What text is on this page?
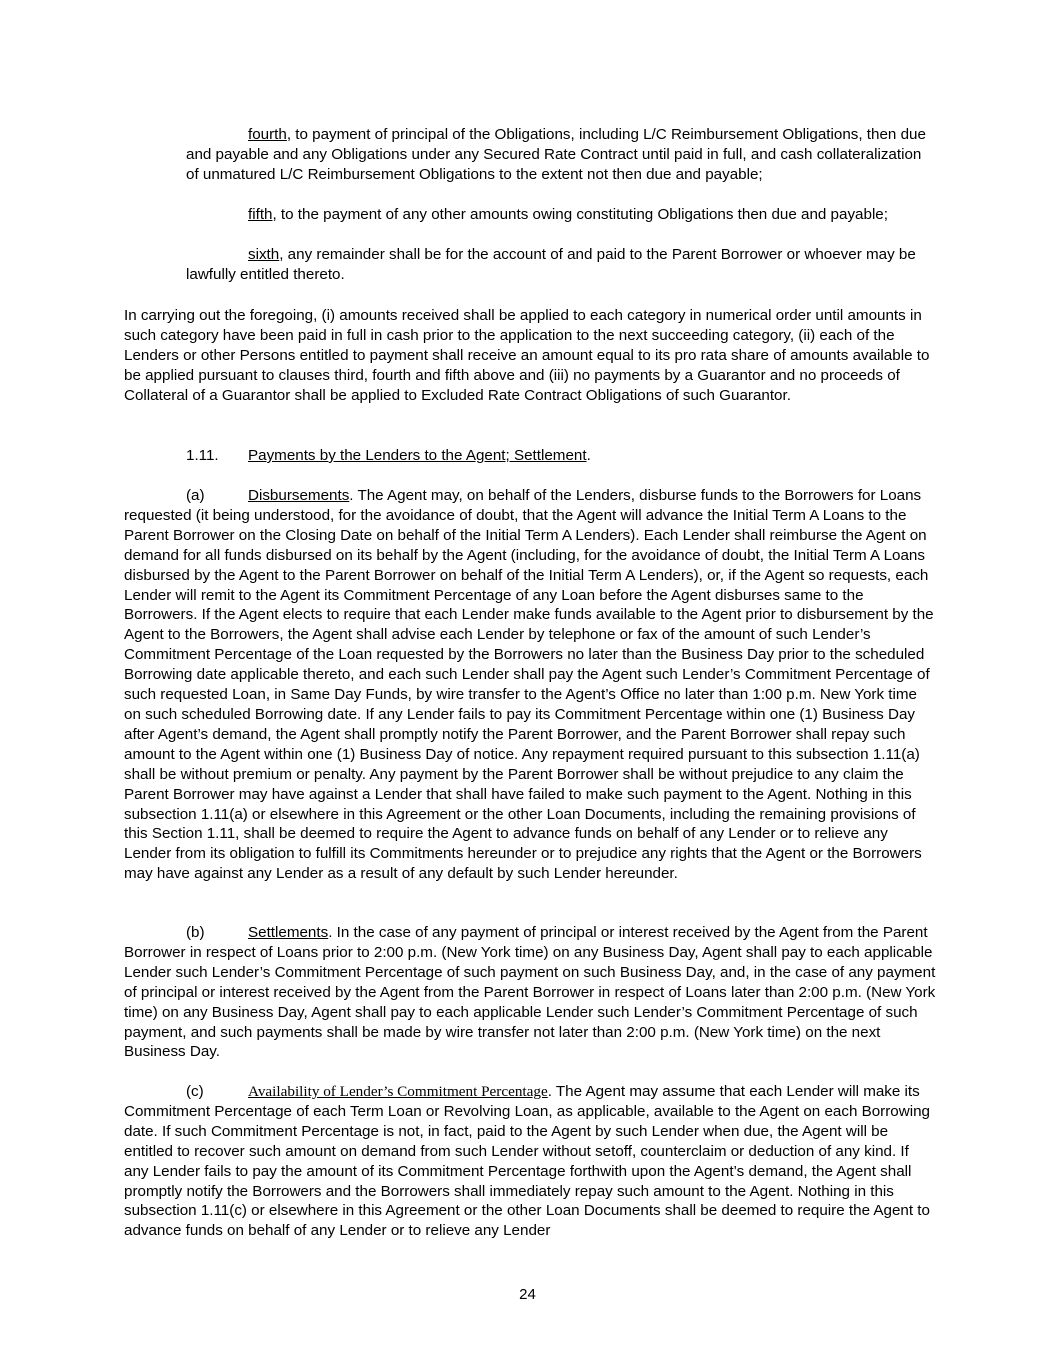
fourth, to payment of principal of the Obligations, including L/C Reimbursement Obligations, then due and payable and any Obligations under any Secured Rate Contract until paid in full, and cash collateralization of unmatured L/C Reimbursement Obligations to the extent not then due and payable;

fifth, to the payment of any other amounts owing constituting Obligations then due and payable;

sixth, any remainder shall be for the account of and paid to the Parent Borrower or whoever may be lawfully entitled thereto.

In carrying out the foregoing, (i) amounts received shall be applied to each category in numerical order until amounts in such category have been paid in full in cash prior to the application to the next succeeding category, (ii) each of the Lenders or other Persons entitled to payment shall receive an amount equal to its pro rata share of amounts available to be applied pursuant to clauses third, fourth and fifth above and (iii) no payments by a Guarantor and no proceeds of Collateral of a Guarantor shall be applied to Excluded Rate Contract Obligations of such Guarantor.

1.11. Payments by the Lenders to the Agent; Settlement.

(a)	Disbursements. The Agent may, on behalf of the Lenders, disburse funds to the Borrowers for Loans requested (it being understood, for the avoidance of doubt, that the Agent will advance the Initial Term A Loans to the Parent Borrower on the Closing Date on behalf of the Initial Term A Lenders). Each Lender shall reimburse the Agent on demand for all funds disbursed on its behalf by the Agent (including, for the avoidance of doubt, the Initial Term A Loans disbursed by the Agent to the Parent Borrower on behalf of the Initial Term A Lenders), or, if the Agent so requests, each Lender will remit to the Agent its Commitment Percentage of any Loan before the Agent disburses same to the Borrowers. If the Agent elects to require that each Lender make funds available to the Agent prior to disbursement by the Agent to the Borrowers, the Agent shall advise each Lender by telephone or fax of the amount of such Lender’s Commitment Percentage of the Loan requested by the Borrowers no later than the Business Day prior to the scheduled Borrowing date applicable thereto, and each such Lender shall pay the Agent such Lender’s Commitment Percentage of such requested Loan, in Same Day Funds, by wire transfer to the Agent’s Office no later than 1:00 p.m. New York time on such scheduled Borrowing date. If any Lender fails to pay its Commitment Percentage within one (1) Business Day after Agent’s demand, the Agent shall promptly notify the Parent Borrower, and the Parent Borrower shall repay such amount to the Agent within one (1) Business Day of notice. Any repayment required pursuant to this subsection 1.11(a) shall be without premium or penalty. Any payment by the Parent Borrower shall be without prejudice to any claim the Parent Borrower may have against a Lender that shall have failed to make such payment to the Agent. Nothing in this subsection 1.11(a) or elsewhere in this Agreement or the other Loan Documents, including the remaining provisions of this Section 1.11, shall be deemed to require the Agent to advance funds on behalf of any Lender or to relieve any Lender from its obligation to fulfill its Commitments hereunder or to prejudice any rights that the Agent or the Borrowers may have against any Lender as a result of any default by such Lender hereunder.

(b)	Settlements. In the case of any payment of principal or interest received by the Agent from the Parent Borrower in respect of Loans prior to 2:00 p.m. (New York time) on any Business Day, Agent shall pay to each applicable Lender such Lender’s Commitment Percentage of such payment on such Business Day, and, in the case of any payment of principal or interest received by the Agent from the Parent Borrower in respect of Loans later than 2:00 p.m. (New York time) on any Business Day, Agent shall pay to each applicable Lender such Lender’s Commitment Percentage of such payment, and such payments shall be made by wire transfer not later than 2:00 p.m. (New York time) on the next Business Day.

(c)	Availability of Lender’s Commitment Percentage. The Agent may assume that each Lender will make its Commitment Percentage of each Term Loan or Revolving Loan, as applicable, available to the Agent on each Borrowing date. If such Commitment Percentage is not, in fact, paid to the Agent by such Lender when due, the Agent will be entitled to recover such amount on demand from such Lender without setoff, counterclaim or deduction of any kind. If any Lender fails to pay the amount of its Commitment Percentage forthwith upon the Agent’s demand, the Agent shall promptly notify the Borrowers and the Borrowers shall immediately repay such amount to the Agent. Nothing in this subsection 1.11(c) or elsewhere in this Agreement or the other Loan Documents shall be deemed to require the Agent to advance funds on behalf of any Lender or to relieve any Lender

24
